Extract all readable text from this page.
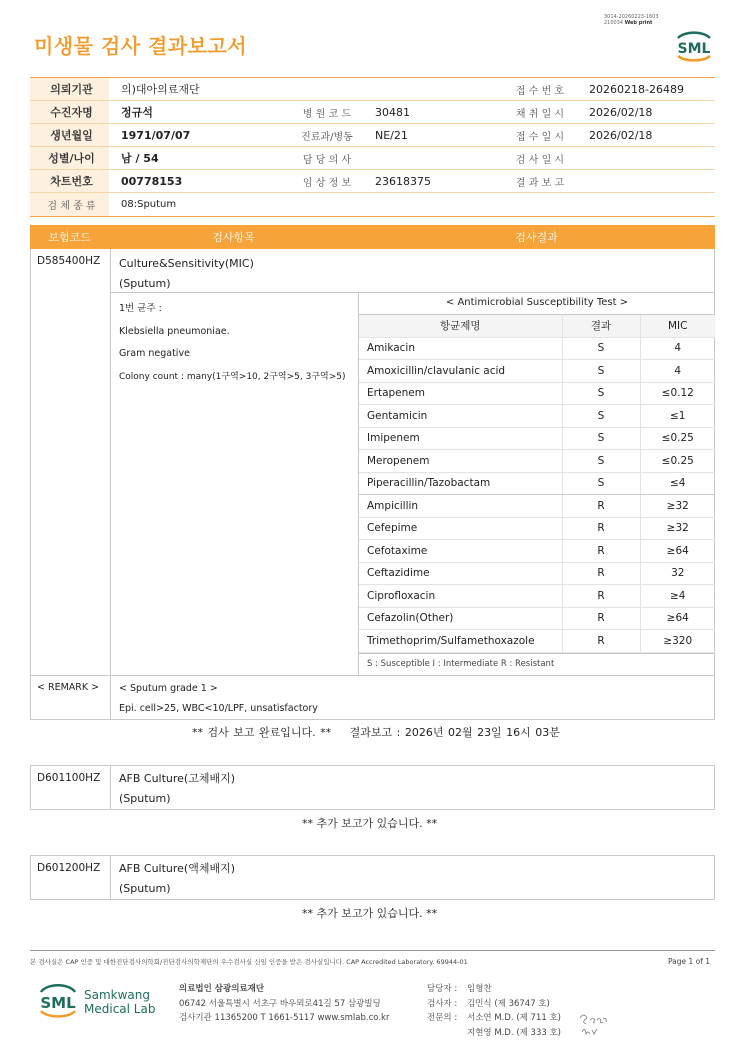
미생물 검사 결과보고서
3014-20260223-1603
210034 Web print
SML
의뢰기관	의)대아의료재단			접 수 번 호	20260218-26489
수진자명	정규석	병 원 코 드	30481	채 취 일 시	2026/02/18
생년월일	1971/07/07	진료과/병동	NE/21	접 수 일 시	2026/02/18
성별/나이	남 / 54	담 당 의 사		검 사 일 시	
차트번호	00778153	임 상 정 보	23618375	결 과 보 고	
검 체 종 류	08:Sputum				
보험코드	검사항목	검사결과
D585400HZ Culture&Sensitivity(MIC)
(Sputum)
1번 균주 :
Klebsiella pneumoniae.
Gram negative
Colony count : many(1구역>10, 2구역>5, 3구역>5)
< Antimicrobial Susceptibility Test >
항균제명	결과	MIC
Amikacin	S	4
Amoxicillin/clavulanic acid	S	4
Ertapenem	S	≤0.12
Gentamicin	S	≤1
Imipenem	S	≤0.25
Meropenem	S	≤0.25
Piperacillin/Tazobactam	S	≤4
Ampicillin	R	≥32
Cefepime	R	≥32
Cefotaxime	R	≥64
Ceftazidime	R	32
Ciprofloxacin	R	≥4
Cefazolin(Other)	R	≥64
Trimethoprim/Sulfamethoxazole	R	≥320
S : Susceptible I : Intermediate R : Resistant
< REMARK > < Sputum grade 1 >
Epi. cell>25, WBC<10/LPF, unsatisfactory
** 검사 보고 완료입니다. ** 결과보고 : 2026년 02월 23일 16시 03분
D601100HZ AFB Culture(고체배지)
(Sputum)
** 추가 보고가 있습니다. **
D601200HZ AFB Culture(액체배지)
(Sputum)
** 추가 보고가 있습니다. **
본 검사실은 CAP 인증 및 대한진단검사의학회/진단검사의학재단의 우수검사실 신임 인증을 받은 검사실입니다. CAP Accredited Laboratory. 69944-01	Page 1 of 1
SML Samkwang
Medical Lab
의료법인 삼광의료재단
06742 서울특별시 서초구 바우뫼로41길 57 삼광빌딩
검사기관 11365200 T 1661-5117 www.smlab.co.kr
담당자 : 임형찬
검사자 : 김민식 (제 36747 호)
전문의 : 서소연 M.D. (제 711 호)
지현영 M.D. (제 333 호)
